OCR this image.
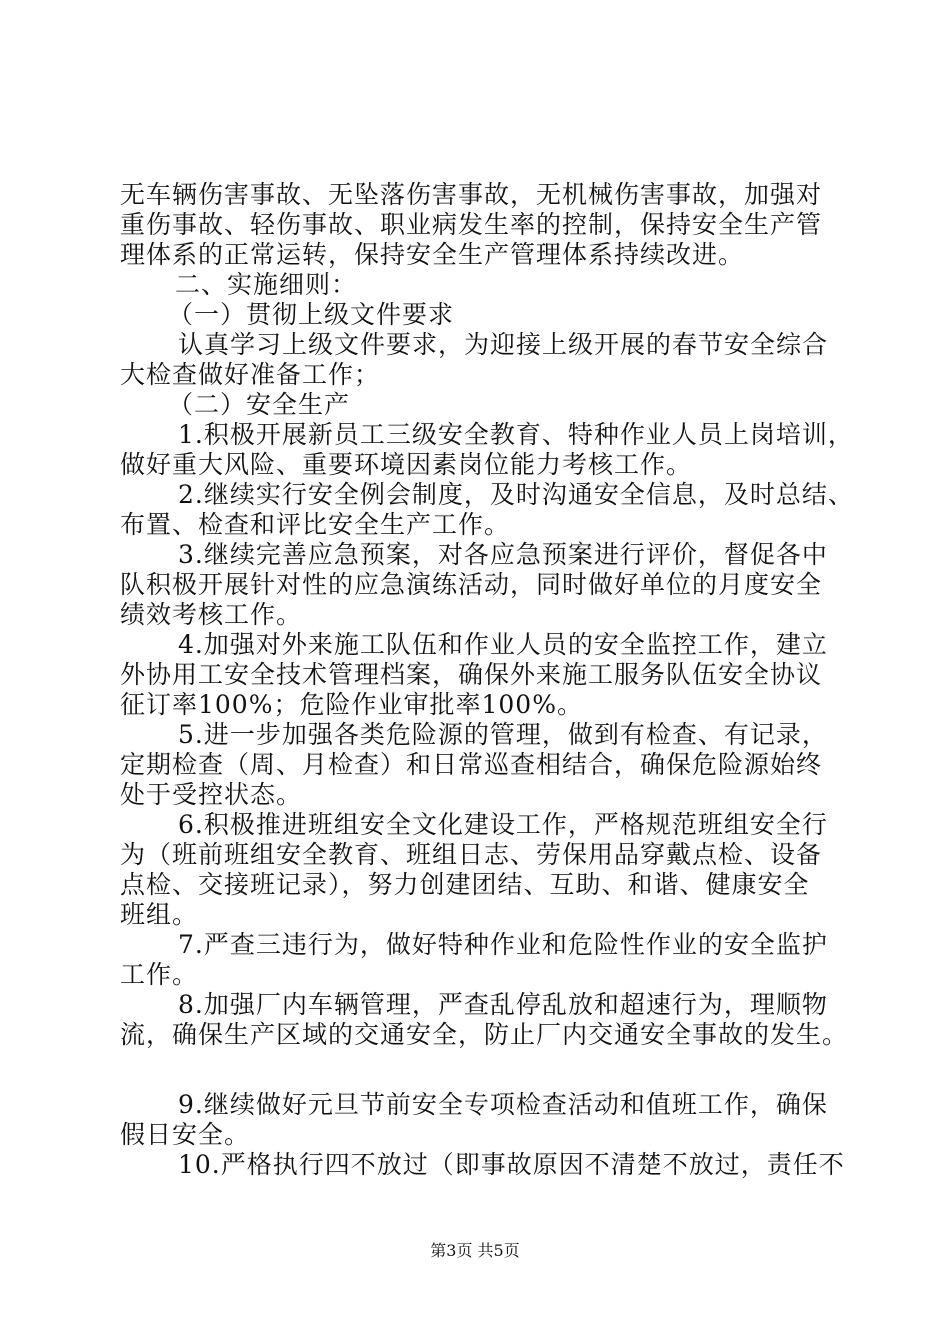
无车辆伤害事故、无坠落伤害事故，无机械伤害事故，加强对
重伤事故、轻伤事故、职业病发生率的控制，保持安全生产管
理体系的正常运转，保持安全生产管理体系持续改进。
二、实施细则：
（一）贯彻上级文件要求
认真学习上级文件要求，为迎接上级开展的春节安全综合
大检查做好准备工作；
（二）安全生产
1.积极开展新员工三级安全教育、特种作业人员上岗培训，
做好重大风险、重要环境因素岗位能力考核工作。
2.继续实行安全例会制度，及时沟通安全信息，及时总结、
布置、检查和评比安全生产工作。
3.继续完善应急预案，对各应急预案进行评价，督促各中
队积极开展针对性的应急演练活动，同时做好单位的月度安全
绩效考核工作。
4.加强对外来施工队伍和作业人员的安全监控工作，建立
外协用工安全技术管理档案，确保外来施工服务队伍安全协议
征订率100%；危险作业审批率100%。
5.进一步加强各类危险源的管理，做到有检查、有记录，
定期检查（周、月检查）和日常巡查相结合，确保危险源始终
处于受控状态。
6.积极推进班组安全文化建设工作，严格规范班组安全行
为（班前班组安全教育、班组日志、劳保用品穿戴点检、设备
点检、交接班记录），努力创建团结、互助、和谐、健康安全
班组。
7.严查三违行为，做好特种作业和危险性作业的安全监护
工作。
8.加强厂内车辆管理，严查乱停乱放和超速行为，理顺物
流，确保生产区域的交通安全，防止厂内交通安全事故的发生。
9.继续做好元旦节前安全专项检查活动和值班工作，确保
假日安全。
10.严格执行四不放过（即事故原因不清楚不放过，责任不
第3页 共5页
